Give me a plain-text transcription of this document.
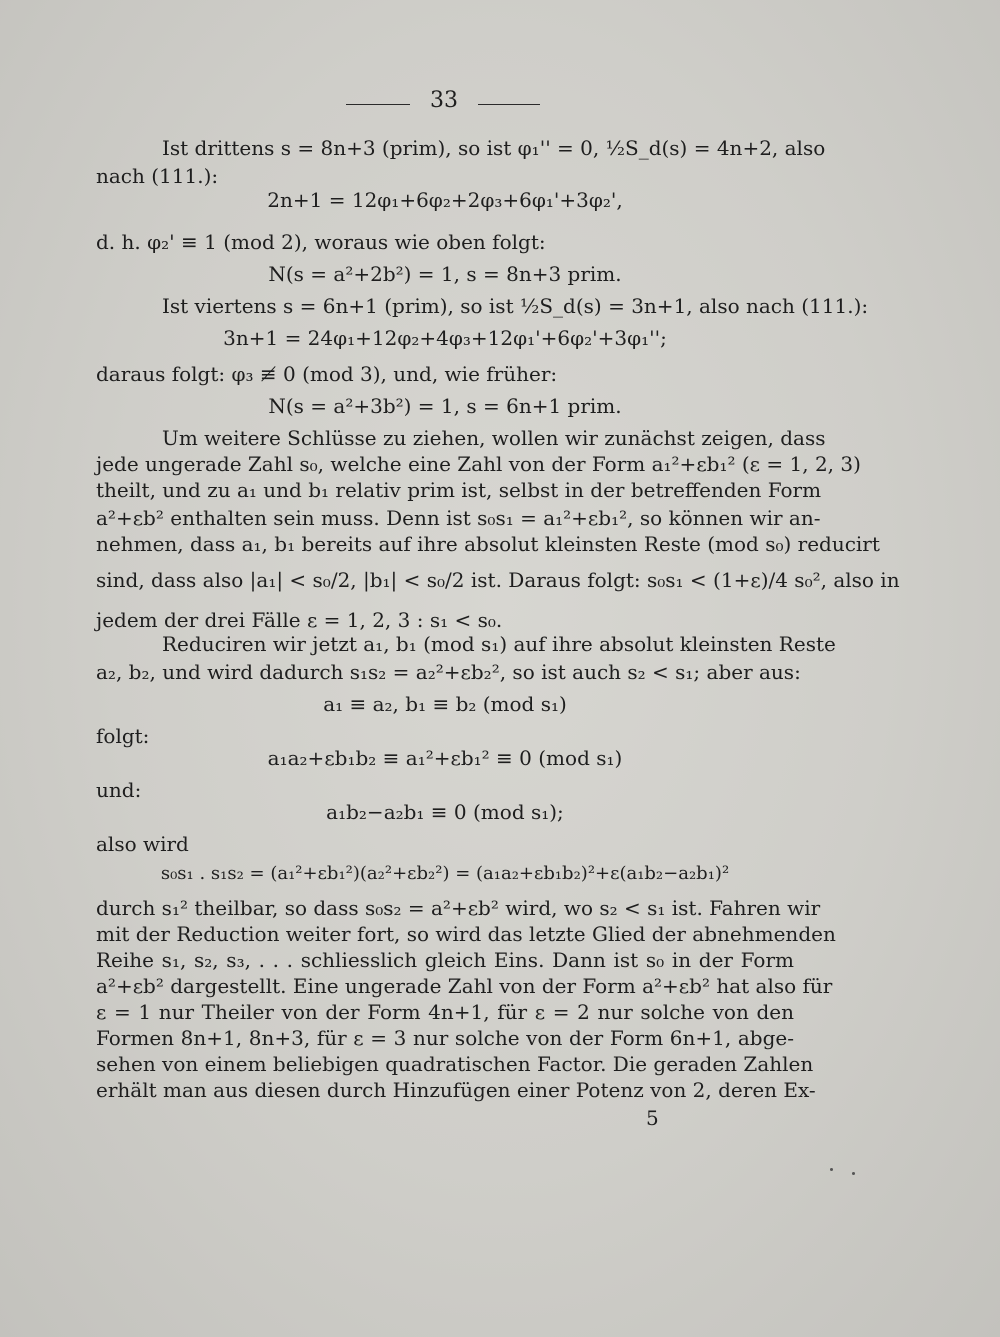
33
Ist drittens s = 8n+3 (prim), so ist φ₁'' = 0, ½S_d(s) = 4n+2, also
nach (111.):
2n+1 = 12φ₁+6φ₂+2φ₃+6φ₁'+3φ₂',
d. h. φ₂' ≡ 1 (mod 2), woraus wie oben folgt:
N(s = a²+2b²) = 1, s = 8n+3 prim.
Ist viertens s = 6n+1 (prim), so ist ½S_d(s) = 3n+1, also nach (111.):
3n+1 = 24φ₁+12φ₂+4φ₃+12φ₁'+6φ₂'+3φ₁'';
daraus folgt: φ₃ ≢ 0 (mod 3), und, wie früher:
N(s = a²+3b²) = 1, s = 6n+1 prim.
Um weitere Schlüsse zu ziehen, wollen wir zunächst zeigen, dass
jede ungerade Zahl s₀, welche eine Zahl von der Form a₁²+εb₁² (ε = 1, 2, 3)
theilt, und zu a₁ und b₁ relativ prim ist, selbst in der betreffenden Form
a²+εb² enthalten sein muss. Denn ist s₀s₁ = a₁²+εb₁², so können wir an-
nehmen, dass a₁, b₁ bereits auf ihre absolut kleinsten Reste (mod s₀) reducirt
sind, dass also |a₁| < s₀/2, |b₁| < s₀/2 ist. Daraus folgt: s₀s₁ < (1+ε)/4 s₀², also in
jedem der drei Fälle ε = 1, 2, 3 : s₁ < s₀.
Reduciren wir jetzt a₁, b₁ (mod s₁) auf ihre absolut kleinsten Reste
a₂, b₂, und wird dadurch s₁s₂ = a₂²+εb₂², so ist auch s₂ < s₁; aber aus:
a₁ ≡ a₂, b₁ ≡ b₂ (mod s₁)
folgt:
a₁a₂+εb₁b₂ ≡ a₁²+εb₁² ≡ 0 (mod s₁)
und:
a₁b₂−a₂b₁ ≡ 0 (mod s₁);
also wird
s₀s₁ . s₁s₂ = (a₁²+εb₁²)(a₂²+εb₂²) = (a₁a₂+εb₁b₂)²+ε(a₁b₂−a₂b₁)²
durch s₁² theilbar, so dass s₀s₂ = a²+εb² wird, wo s₂ < s₁ ist. Fahren wir
mit der Reduction weiter fort, so wird das letzte Glied der abnehmenden
Reihe s₁, s₂, s₃, . . . schliesslich gleich Eins. Dann ist s₀ in der Form
a²+εb² dargestellt. Eine ungerade Zahl von der Form a²+εb² hat also für
ε = 1 nur Theiler von der Form 4n+1, für ε = 2 nur solche von den
Formen 8n+1, 8n+3, für ε = 3 nur solche von der Form 6n+1, abge-
sehen von einem beliebigen quadratischen Factor. Die geraden Zahlen
erhält man aus diesen durch Hinzufügen einer Potenz von 2, deren Ex-
5
